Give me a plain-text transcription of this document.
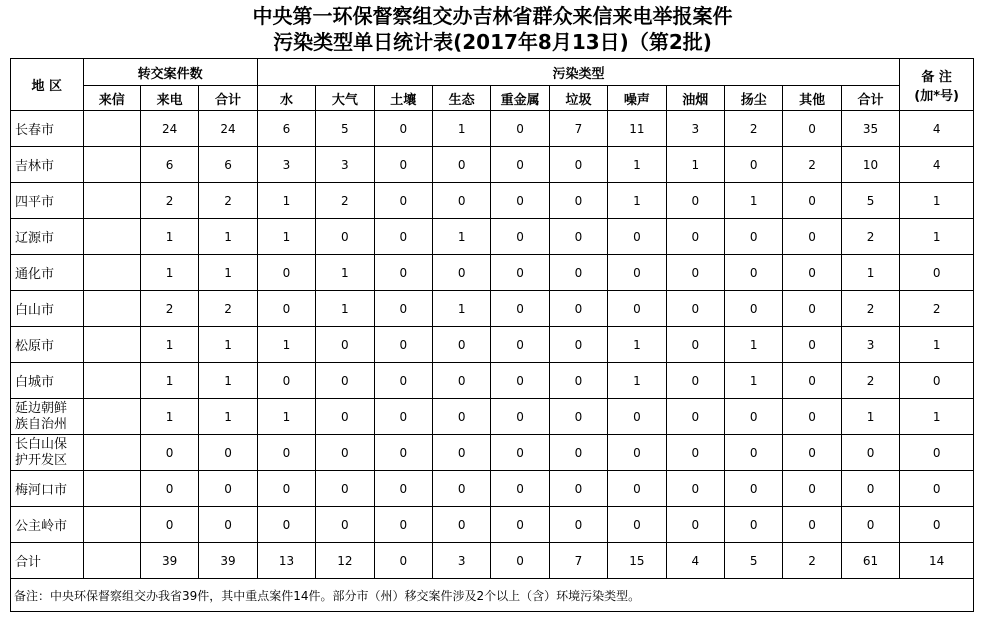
中央第一环保督察组交办吉林省群众来信来电举报案件
污染类型单日统计表(2017年8月13日)（第2批)
地 区	转交案件数			污染类型											备 注
(加*号)

	来信	来电	合计	水	大气	土壤	生态	重金属	垃圾	噪声	油烟	扬尘	其他	合计	
长春市		24	24	6	5	0	1	0	7	11	3	2	0	35	4
吉林市		6	6	3	3	0	0	0	0	1	1	0	2	10	4
四平市		2	2	1	2	0	0	0	0	1	0	1	0	5	1
辽源市		1	1	1	0	0	1	0	0	0	0	0	0	2	1
通化市		1	1	0	1	0	0	0	0	0	0	0	0	1	0
白山市		2	2	0	1	0	1	0	0	0	0	0	0	2	2
松原市		1	1	1	0	0	0	0	0	1	0	1	0	3	1
白城市		1	1	0	0	0	0	0	0	1	0	1	0	2	0

延边朝鲜
族自治州		1	1	1	0	0	0	0	0	0	0	0	0	1	1

长白山保
护开发区		0	0	0	0	0	0	0	0	0	0	0	0	0	0
梅河口市		0	0	0	0	0	0	0	0	0	0	0	0	0	0
公主岭市		0	0	0	0	0	0	0	0	0	0	0	0	0	0
合计		39	39	13	12	0	3	0	7	15	4	5	2	61	14
备注：中央环保督察组交办我省39件，其中重点案件14件。部分市（州）移交案件涉及2个以上（含）环境污染类型。															
